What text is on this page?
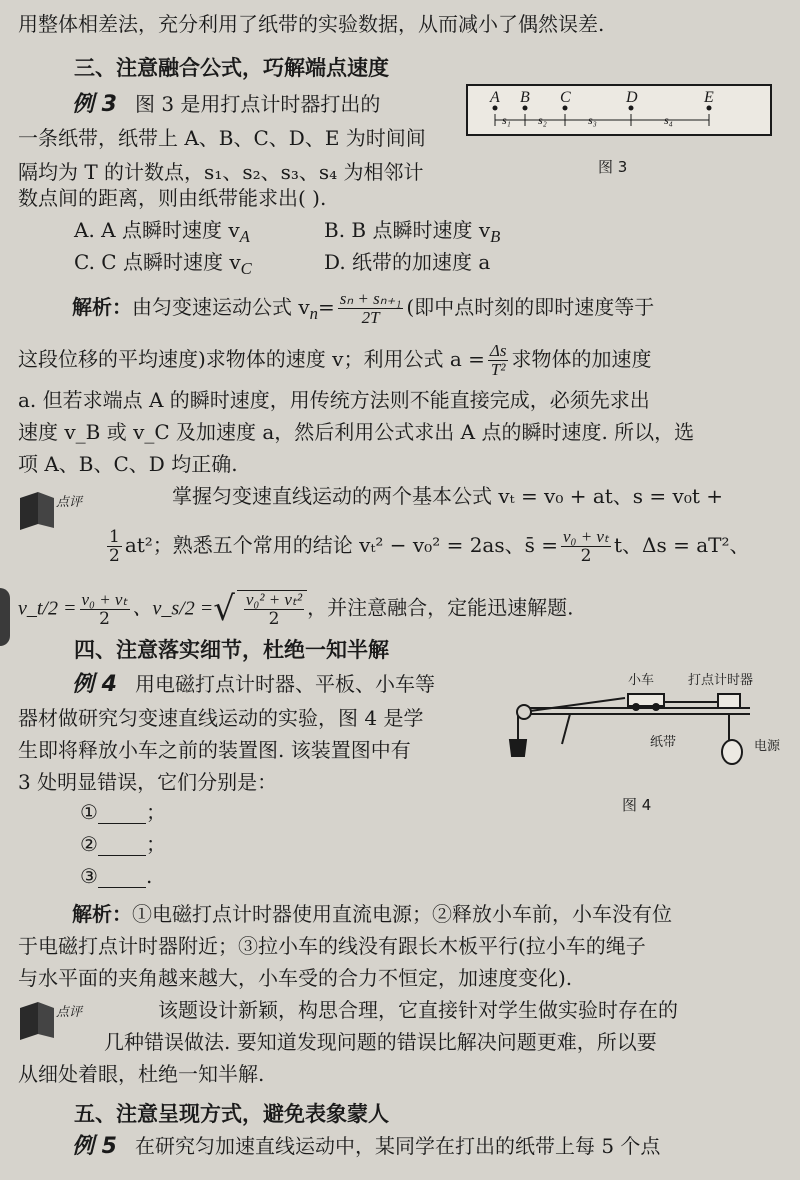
用整体相差法，充分利用了纸带的实验数据，从而减小了偶然误差.
三、注意融合公式，巧解端点速度
例 3 图 3 是用打点计时器打出的
一条纸带，纸带上 A、B、C、D、E 为时间间
隔均为 T 的计数点，s₁、s₂、s₃、s₄ 为相邻计
数点间的距离，则由纸带能求出( ).
A B C	D	E
s₁ s₂	s₃	s₄
图 3
A. A 点瞬时速度 $v_A$	B. B 点瞬时速度 $v_B$
C. C 点瞬时速度 $v_C$	D. 纸带的加速度 a
解析：由匀变速运动公式 $v_n= \frac{\text{sₙ + sₙ₊₁}}{2T}$ (即中点时刻的即时速度等于
这段位移的平均速度)求物体的速度 v；利用公式 $a = \frac{\Delta s}{\text{T²}}$ 求物体的加速度
a. 但若求端点 A 的瞬时速度，用传统方法则不能直接完成，必须先求出
速度 v_B 或 v_C 及加速度 a，然后利用公式求出 A 点的瞬时速度. 所以，选
项 A、B、C、D 均正确.
点评	掌握匀变速直线运动的两个基本公式 vₜ = v₀ + at、s = v₀t +
$\frac{1}{2} at^2$；熟悉五个常用的结论 vₜ² − v₀² = 2as、s̄ = $\frac{\text{v₀ + vₜ}}{2}$ t、Δs = aT²、
v_t/2 = $\frac{\text{v₀ + vₜ}}{2}$ 、v_s/2 =√ $\frac{\text{v₀² + vₜ²}}{2}$ ，并注意融合，定能迅速解题.
四、注意落实细节，杜绝一知半解
例 4 用电磁打点计时器、平板、小车等
器材做研究匀变速直线运动的实验，图 4 是学
生即将释放小车之前的装置图. 该装置图中有
3 处明显错误，它们分别是：
① ；
② ；
③ .
小车	打点计时器
纸带	电源
图 4
解析：①电磁打点计时器使用直流电源；②释放小车前，小车没有位
于电磁打点计时器附近；③拉小车的线没有跟长木板平行(拉小车的绳子
与水平面的夹角越来越大，小车受的合力不恒定，加速度变化).
点评	该题设计新颖，构思合理，它直接针对学生做实验时存在的
几种错误做法. 要知道发现问题的错误比解决问题更难，所以要
从细处着眼，杜绝一知半解.
五、注意呈现方式，避免表象蒙人
例 5 在研究匀加速直线运动中，某同学在打出的纸带上每 5 个点
